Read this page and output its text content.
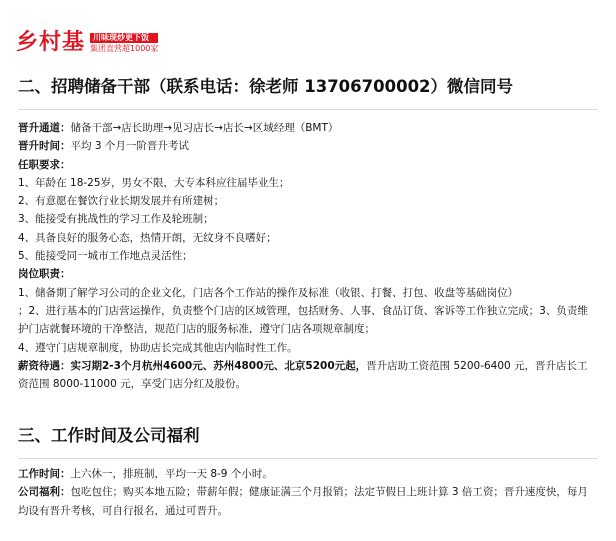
乡村基	川味现炒更下饭
集团直营超1000家
二、招聘储备干部（联系电话：徐老师 13706700002）微信同号
晋升通道：储备干部→店长助理→见习店长→店长→区域经理（BMT）
晋升时间：平均 3 个月一阶晋升考试
任职要求：
1、年龄在 18-25岁，男女不限，大专本科应往届毕业生；
2、有意愿在餐饮行业长期发展并有所建树；
3、能接受有挑战性的学习工作及轮班制；
4、具备良好的服务心态，热情开朗，无纹身不良嗜好；
5、能接受同一城市工作地点灵活性；
岗位职责：
1、储备期了解学习公司的企业文化，门店各个工作站的操作及标准（收银、打餐、打包、收盘等基础岗位）
；2、进行基本的门店营运操作，负责整个门店的区域管理，包括财务、人事、食品订货、客诉等工作独立完成；3、负责维护门店就餐环境的干净整洁，规范门店的服务标准，遵守门店各项规章制度；
4、遵守门店规章制度，协助店长完成其他店内临时性工作。
薪资待遇：实习期2-3个月杭州4600元、苏州4800元、北京5200元起，晋升店助工资范围 5200-6400 元，晋升店长工资范围 8000-11000 元，享受门店分红及股份。
三、工作时间及公司福利
工作时间：上六休一，排班制，平均一天 8-9 个小时。
公司福利：包吃包住；购买本地五险；带薪年假；健康证满三个月报销；法定节假日上班计算 3 倍工资；晋升速度快，每月均设有晋升考核，可自行报名，通过可晋升。
